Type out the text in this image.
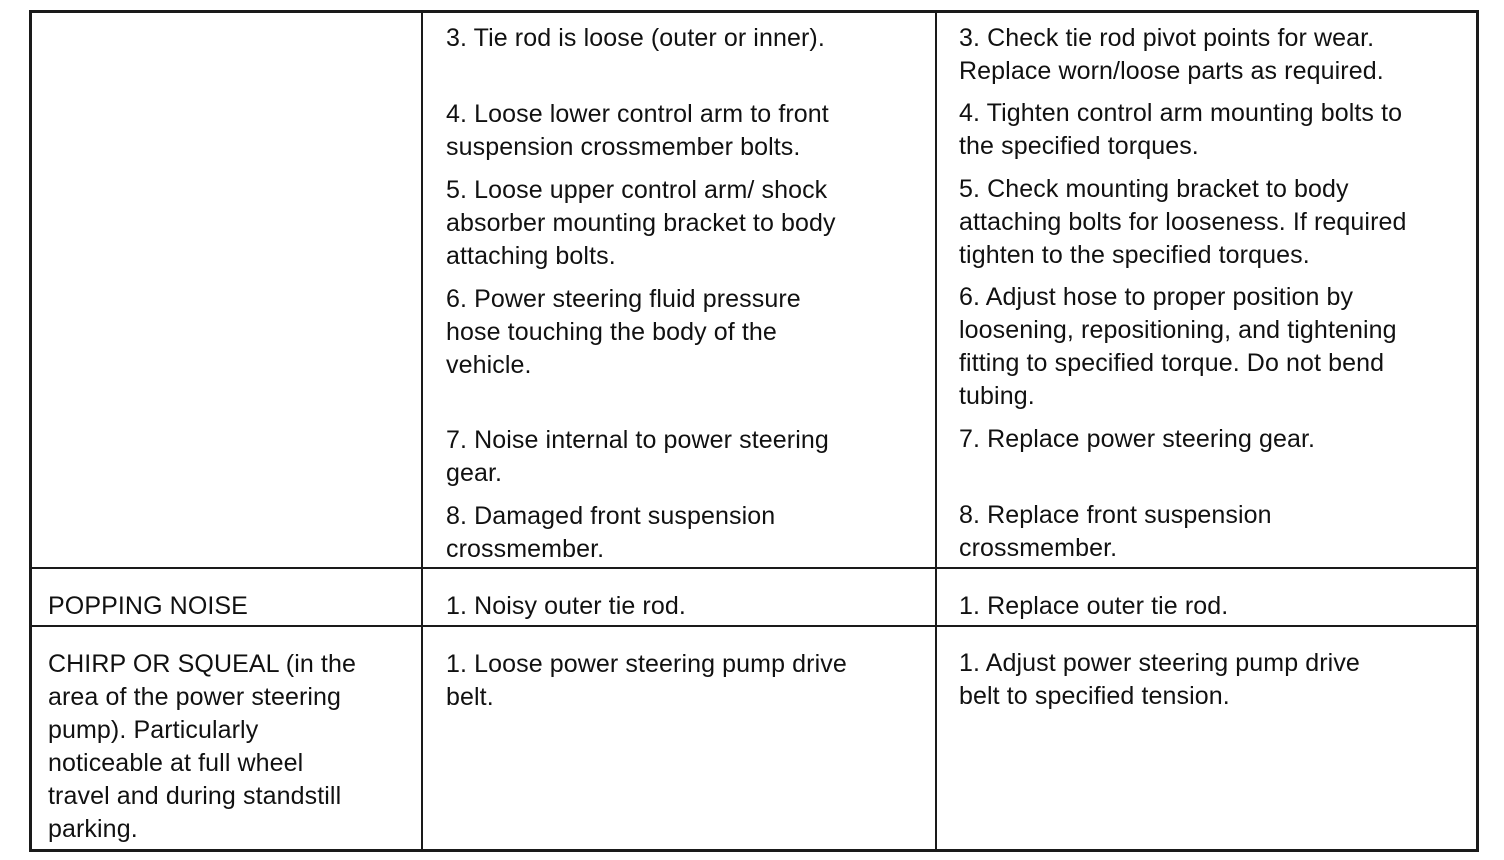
3. Tie rod is loose (outer or inner).
4. Loose lower control arm to front
suspension crossmember bolts.
5. Loose upper control arm/ shock
absorber mounting bracket to body
attaching bolts.
6. Power steering fluid pressure
hose touching the body of the
vehicle.
7. Noise internal to power steering
gear.
8. Damaged front suspension
crossmember.
3. Check tie rod pivot points for wear.
Replace worn/loose parts as required.
4. Tighten control arm mounting bolts to
the specified torques.
5. Check mounting bracket to body
attaching bolts for looseness. If required
tighten to the specified torques.
6. Adjust hose to proper position by
loosening, repositioning, and tightening
fitting to specified torque. Do not bend
tubing.
7. Replace power steering gear.
8. Replace front suspension
crossmember.
POPPING NOISE	1. Noisy outer tie rod.	1. Replace outer tie rod.
CHIRP OR SQUEAL (in the
area of the power steering
pump). Particularly
noticeable at full wheel
travel and during standstill
parking.
1. Loose power steering pump drive
belt.
1. Adjust power steering pump drive
belt to specified tension.
